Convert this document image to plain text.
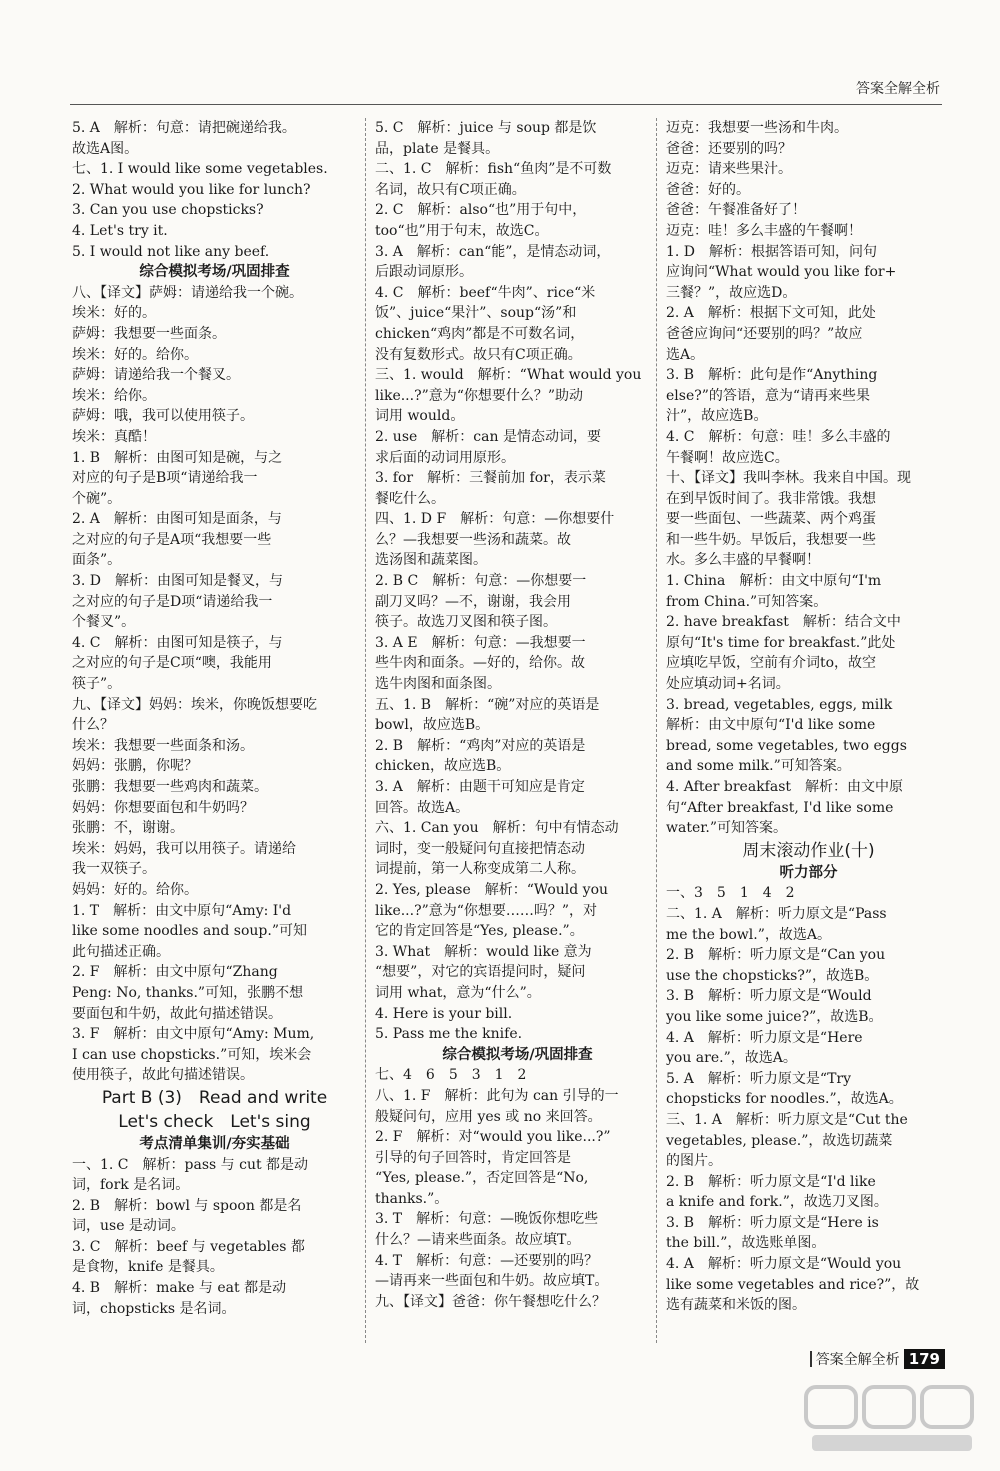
答案全解全析
5. A　解析：句意：请把碗递给我。
故选A图。
七、1. I would like some vegetables.
2. What would you like for lunch?
3. Can you use chopsticks?
4. Let's try it.
5. I would not like any beef.
综合模拟考场/巩固排查
八、【译文】萨姆：请递给我一个碗。
埃米：好的。
萨姆：我想要一些面条。
埃米：好的。给你。
萨姆：请递给我一个餐叉。
埃米：给你。
萨姆：哦，我可以使用筷子。
埃米：真酷！
1. B　解析：由图可知是碗，与之
对应的句子是B项“请递给我一
个碗”。
2. A　解析：由图可知是面条，与
之对应的句子是A项“我想要一些
面条”。
3. D　解析：由图可知是餐叉，与
之对应的句子是D项“请递给我一
个餐叉”。
4. C　解析：由图可知是筷子，与
之对应的句子是C项“噢，我能用
筷子”。
九、【译文】妈妈：埃米，你晚饭想要吃
什么？
埃米：我想要一些面条和汤。
妈妈：张鹏，你呢？
张鹏：我想要一些鸡肉和蔬菜。
妈妈：你想要面包和牛奶吗？
张鹏：不，谢谢。
埃米：妈妈，我可以用筷子。请递给
我一双筷子。
妈妈：好的。给你。
1. T　解析：由文中原句“Amy: I'd
like some noodles and soup.”可知
此句描述正确。
2. F　解析：由文中原句“Zhang
Peng: No, thanks.”可知，张鹏不想
要面包和牛奶，故此句描述错误。
3. F　解析：由文中原句“Amy: Mum,
I can use chopsticks.”可知，埃米会
使用筷子，故此句描述错误。
Part B (3)　Read and write
Let's check　Let's sing
考点清单集训/夯实基础
一、1. C　解析：pass 与 cut 都是动
词，fork 是名词。
2. B　解析：bowl 与 spoon 都是名
词，use 是动词。
3. C　解析：beef 与 vegetables 都
是食物，knife 是餐具。
4. B　解析：make 与 eat 都是动
词，chopsticks 是名词。
5. C　解析：juice 与 soup 都是饮
品，plate 是餐具。
二、1. C　解析：fish“鱼肉”是不可数
名词，故只有C项正确。
2. C　解析：also“也”用于句中，
too“也”用于句末，故选C。
3. A　解析：can“能”，是情态动词，
后跟动词原形。
4. C　解析：beef“牛肉”、rice“米
饭”、juice“果汁”、soup“汤”和
chicken“鸡肉”都是不可数名词，
没有复数形式。故只有C项正确。
三、1. would　解析：“What would you
like...?”意为“你想要什么？”助动
词用 would。
2. use　解析：can 是情态动词，要
求后面的动词用原形。
3. for　解析：三餐前加 for，表示菜
餐吃什么。
四、1. D F　解析：句意：—你想要什
么？—我想要一些汤和蔬菜。故
选汤图和蔬菜图。
2. B C　解析：句意：—你想要一
副刀叉吗？—不，谢谢，我会用
筷子。故选刀叉图和筷子图。
3. A E　解析：句意：—我想要一
些牛肉和面条。—好的，给你。故
选牛肉图和面条图。
五、1. B　解析：“碗”对应的英语是
bowl，故应选B。
2. B　解析：“鸡肉”对应的英语是
chicken，故应选B。
3. A　解析：由题干可知应是肯定
回答。故选A。
六、1. Can you　解析：句中有情态动
词时，变一般疑问句直接把情态动
词提前，第一人称变成第二人称。
2. Yes, please　解析：“Would you
like...?”意为“你想要……吗？”，对
它的肯定回答是“Yes, please.”。
3. What　解析：would like 意为
“想要”，对它的宾语提问时，疑问
词用 what，意为“什么”。
4. Here is your bill.
5. Pass me the knife.
综合模拟考场/巩固排查
七、4　6　5　3　1　2
八、1. F　解析：此句为 can 引导的一
般疑问句，应用 yes 或 no 来回答。
2. F　解析：对“would you like...?”
引导的句子回答时，肯定回答是
“Yes, please.”，否定回答是“No,
thanks.”。
3. T　解析：句意：—晚饭你想吃些
什么？—请来些面条。故应填T。
4. T　解析：句意：—还要别的吗？
—请再来一些面包和牛奶。故应填T。
九、【译文】爸爸：你午餐想吃什么？
迈克：我想要一些汤和牛肉。
爸爸：还要别的吗？
迈克：请来些果汁。
爸爸：好的。
爸爸：午餐准备好了！
迈克：哇！多么丰盛的午餐啊！
1. D　解析：根据答语可知，问句
应询问“What would you like for+
三餐？”，故应选D。
2. A　解析：根据下文可知，此处
爸爸应询问“还要别的吗？”故应
选A。
3. B　解析：此句是作“Anything
else?”的答语，意为“请再来些果
汁”，故应选B。
4. C　解析：句意：哇！多么丰盛的
午餐啊！故应选C。
十、【译文】我叫李林。我来自中国。现
在到早饭时间了。我非常饿。我想
要一些面包、一些蔬菜、两个鸡蛋
和一些牛奶。早饭后，我想要一些
水。多么丰盛的早餐啊！
1. China　解析：由文中原句“I'm
from China.”可知答案。
2. have breakfast　解析：结合文中
原句“It's time for breakfast.”此处
应填吃早饭，空前有介词to，故空
处应填动词+名词。
3. bread, vegetables, eggs, milk
解析：由文中原句“I'd like some
bread, some vegetables, two eggs
and some milk.”可知答案。
4. After breakfast　解析：由文中原
句“After breakfast, I'd like some
water.”可知答案。
周末滚动作业(十)
听力部分
一、3　5　1　4　2
二、1. A　解析：听力原文是“Pass
me the bowl.”，故选A。
2. B　解析：听力原文是“Can you
use the chopsticks?”，故选B。
3. B　解析：听力原文是“Would
you like some juice?”，故选B。
4. A　解析：听力原文是“Here
you are.”，故选A。
5. A　解析：听力原文是“Try
chopsticks for noodles.”，故选A。
三、1. A　解析：听力原文是“Cut the
vegetables, please.”，故选切蔬菜
的图片。
2. B　解析：听力原文是“I'd like
a knife and fork.”，故选刀叉图。
3. B　解析：听力原文是“Here is
the bill.”，故选账单图。
4. A　解析：听力原文是“Would you
like some vegetables and rice?”，故
选有蔬菜和米饭的图。
答案全解全析 179
